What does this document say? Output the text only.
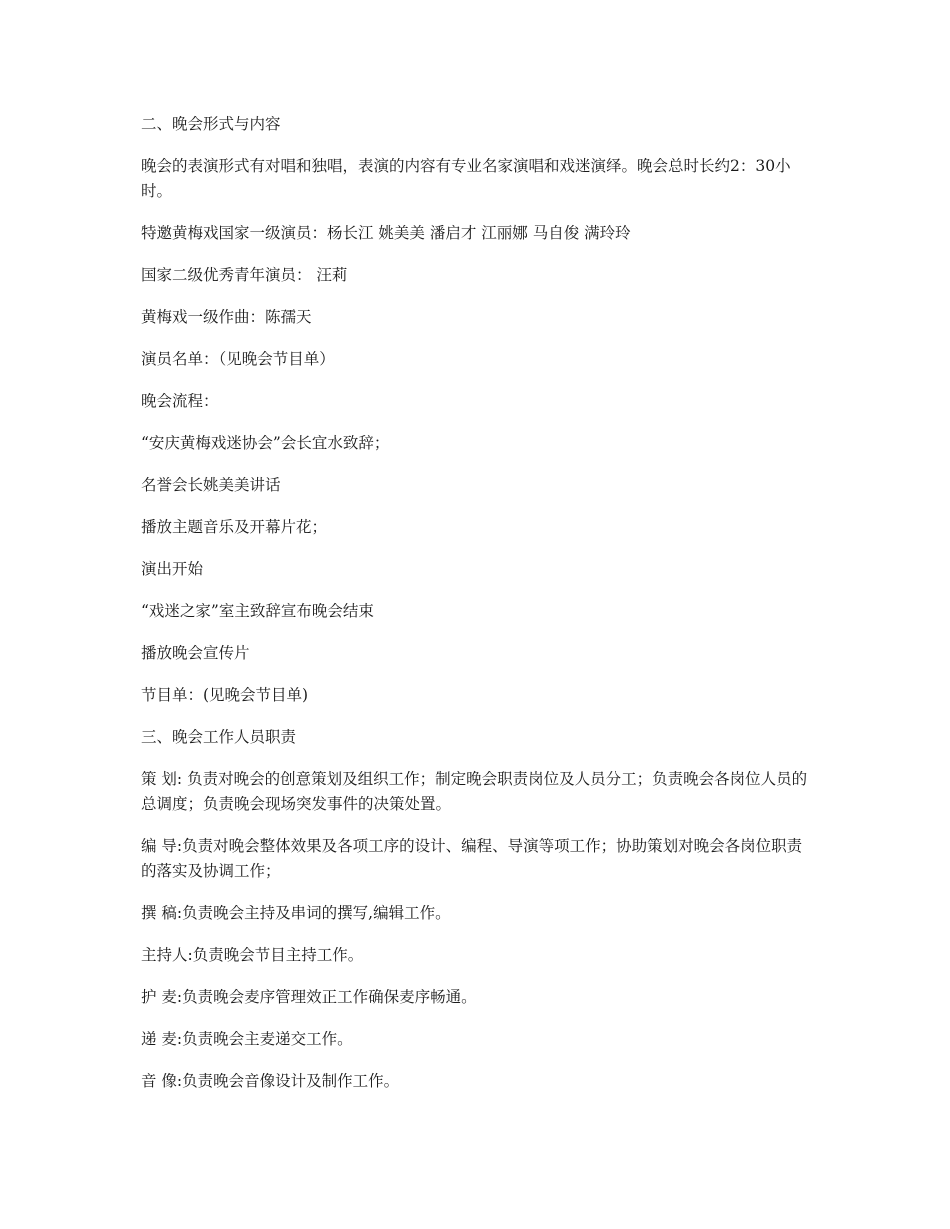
二、晚会形式与内容

晚会的表演形式有对唱和独唱，表演的内容有专业名家演唱和戏迷演绎。晚会总时长约2：30小时。

特邀黄梅戏国家一级演员：杨长江 姚美美 潘启才 江丽娜 马自俊 满玲玲

国家二级优秀青年演员： 汪莉

黄梅戏一级作曲：陈孺天

演员名单：（见晚会节目单）

晚会流程：

“安庆黄梅戏迷协会”会长宜水致辞；

名誉会长姚美美讲话

播放主题音乐及开幕片花；

演出开始

“戏迷之家”室主致辞宣布晚会结束

播放晚会宣传片

节目单：(见晚会节目单)

三、晚会工作人员职责

策 划: 负责对晚会的创意策划及组织工作；制定晚会职责岗位及人员分工；负责晚会各岗位人员的总调度；负责晚会现场突发事件的决策处置。

编 导:负责对晚会整体效果及各项工序的设计、编程、导演等项工作；协助策划对晚会各岗位职责的落实及协调工作；

撰 稿:负责晚会主持及串词的撰写,编辑工作。

主持人:负责晚会节目主持工作。

护 麦:负责晚会麦序管理效正工作确保麦序畅通。

递 麦:负责晚会主麦递交工作。

音 像:负责晚会音像设计及制作工作。
